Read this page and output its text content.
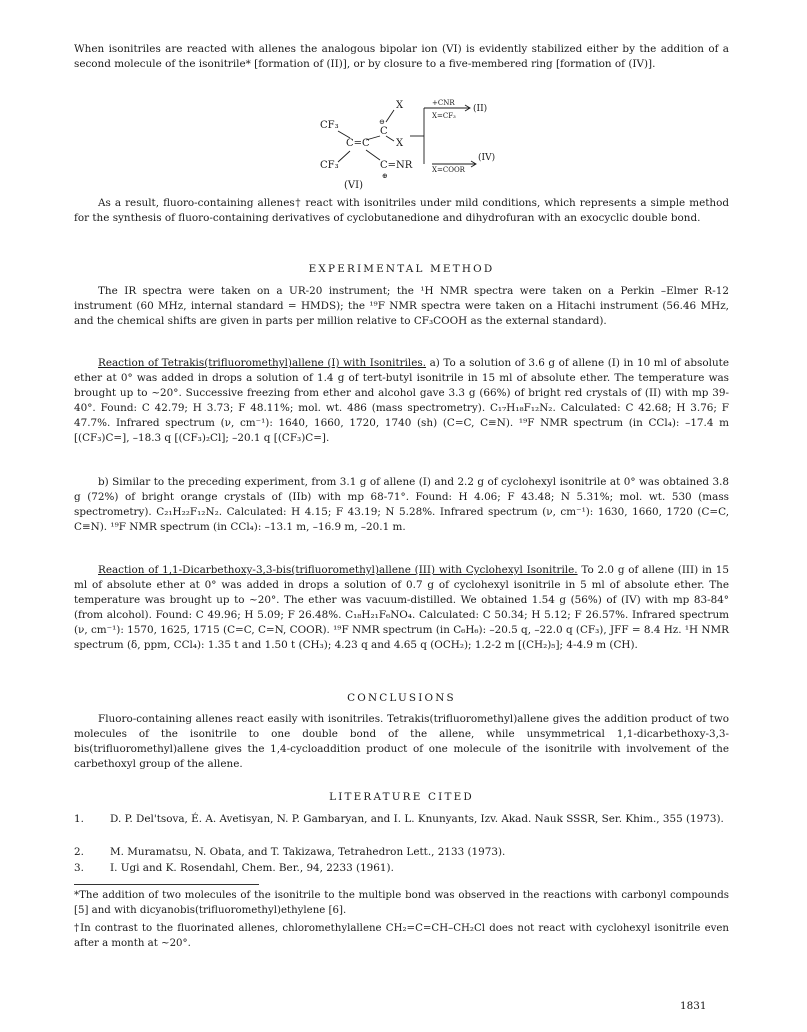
When isonitriles are reacted with allenes the analogous bipolar ion (VI) is evidently stabilized either by the addition of a second molecule of the isonitrile* [formation of (II)], or by closure to a five-membered ring [formation of (IV)].

X
CF₃	⊖
C
C=C	X
CF₃	C=NR
⊕
(VI)
+CNR
X=CF₃
(II)
X=COOR
(IV)

As a result, fluoro-containing allenes† react with isonitriles under mild conditions, which represents a simple method for the synthesis of fluoro-containing derivatives of cyclobutanedione and dihydrofuran with an exocyclic double bond.

EXPERIMENTAL METHOD

The IR spectra were taken on a UR-20 instrument; the ¹H NMR spectra were taken on a Perkin –Elmer R-12 instrument (60 MHz, internal standard = HMDS); the ¹⁹F NMR spectra were taken on a Hitachi instrument (56.46 MHz, and the chemical shifts are given in parts per million relative to CF₃COOH as the external standard).

Reaction of Tetrakis(trifluoromethyl)allene (I) with Isonitriles. a) To a solution of 3.6 g of allene (I) in 10 ml of absolute ether at 0° was added in drops a solution of 1.4 g of tert-butyl isonitrile in 15 ml of absolute ether. The temperature was brought up to ~20°. Successive freezing from ether and alcohol gave 3.3 g (66%) of bright red crystals of (II) with mp 39-40°. Found: C 42.79; H 3.73; F 48.11%; mol. wt. 486 (mass spectrometry). C₁₇H₁₈F₁₂N₂. Calculated: C 42.68; H 3.76; F 47.7%. Infrared spectrum (ν, cm⁻¹): 1640, 1660, 1720, 1740 (sh) (C=C, C≡N). ¹⁹F NMR spectrum (in CCl₄): –17.4 m [(CF₃)C=], –18.3 q [(CF₃)₂Cl]; –20.1 q [(CF₃)C=].

b) Similar to the preceding experiment, from 3.1 g of allene (I) and 2.2 g of cyclohexyl isonitrile at 0° was obtained 3.8 g (72%) of bright orange crystals of (IIb) with mp 68-71°. Found: H 4.06; F 43.48; N 5.31%; mol. wt. 530 (mass spectrometry). C₂₁H₂₂F₁₂N₂. Calculated: H 4.15; F 43.19; N 5.28%. Infrared spectrum (ν, cm⁻¹): 1630, 1660, 1720 (C=C, C≡N). ¹⁹F NMR spectrum (in CCl₄): –13.1 m, –16.9 m, –20.1 m.

Reaction of 1,1-Dicarbethoxy-3,3-bis(trifluoromethyl)allene (III) with Cyclohexyl Isonitrile. To 2.0 g of allene (III) in 15 ml of absolute ether at 0° was added in drops a solution of 0.7 g of cyclohexyl isonitrile in 5 ml of absolute ether. The temperature was brought up to ~20°. The ether was vacuum-distilled. We obtained 1.54 g (56%) of (IV) with mp 83-84° (from alcohol). Found: C 49.96; H 5.09; F 26.48%. C₁₈H₂₁F₆NO₄. Calculated: C 50.34; H 5.12; F 26.57%. Infrared spectrum (ν, cm⁻¹): 1570, 1625, 1715 (C=C, C=N, COOR). ¹⁹F NMR spectrum (in C₆H₆): –20.5 q, –22.0 q (CF₃), JFF = 8.4 Hz. ¹H NMR spectrum (δ, ppm, CCl₄): 1.35 t and 1.50 t (CH₃); 4.23 q and 4.65 q (OCH₂); 1.2-2 m [(CH₂)₅]; 4-4.9 m (CH).

CONCLUSIONS

Fluoro-containing allenes react easily with isonitriles. Tetrakis(trifluoromethyl)allene gives the addition product of two molecules of the isonitrile to one double bond of the allene, while unsymmetrical 1,1-dicarbethoxy-3,3-bis(trifluoromethyl)allene gives the 1,4-cycloaddition product of one molecule of the isonitrile with involvement of the carbethoxyl group of the allene.

LITERATURE CITED

1.	D. P. Del'tsova, É. A. Avetisyan, N. P. Gambaryan, and I. L. Knunyants, Izv. Akad. Nauk SSSR, Ser. Khim., 355 (1973).
2.	M. Muramatsu, N. Obata, and T. Takizawa, Tetrahedron Lett., 2133 (1973).
3.	I. Ugi and K. Rosendahl, Chem. Ber., 94, 2233 (1961).

*The addition of two molecules of the isonitrile to the multiple bond was observed in the reactions with carbonyl compounds [5] and with dicyanobis(trifluoromethyl)ethylene [6].

†In contrast to the fluorinated allenes, chloromethylallene CH₂=C=CH–CH₂Cl does not react with cyclohexyl isonitrile even after a month at ~20°.

1831
